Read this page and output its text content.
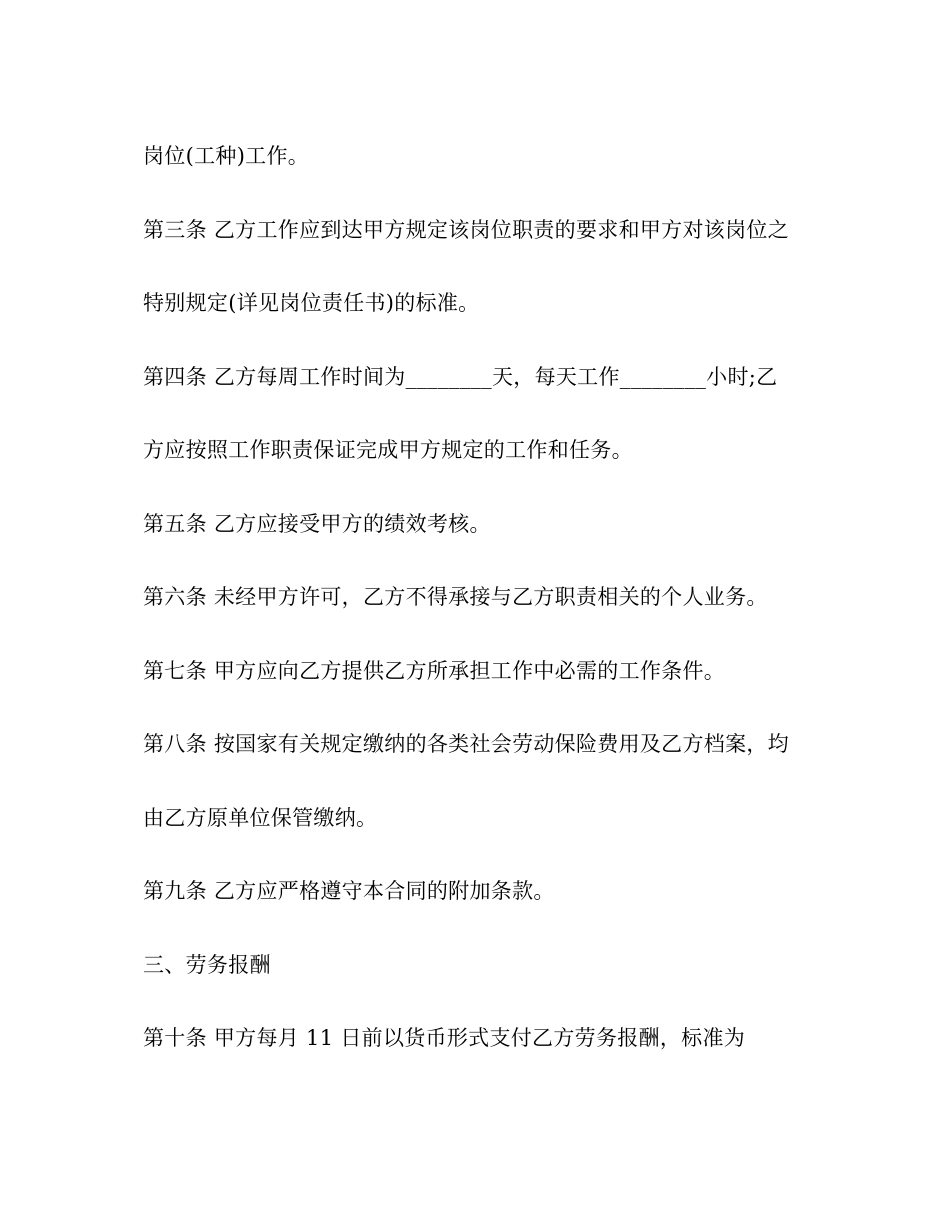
岗位(工种)工作。
第三条 乙方工作应到达甲方规定该岗位职责的要求和甲方对该岗位之
特别规定(详见岗位责任书)的标准。
第四条 乙方每周工作时间为________天，每天工作________小时;乙
方应按照工作职责保证完成甲方规定的工作和任务。
第五条 乙方应接受甲方的绩效考核。
第六条 未经甲方许可，乙方不得承接与乙方职责相关的个人业务。
第七条 甲方应向乙方提供乙方所承担工作中必需的工作条件。
第八条 按国家有关规定缴纳的各类社会劳动保险费用及乙方档案，均
由乙方原单位保管缴纳。
第九条 乙方应严格遵守本合同的附加条款。
三、劳务报酬
第十条 甲方每月 11 日前以货币形式支付乙方劳务报酬，标准为
